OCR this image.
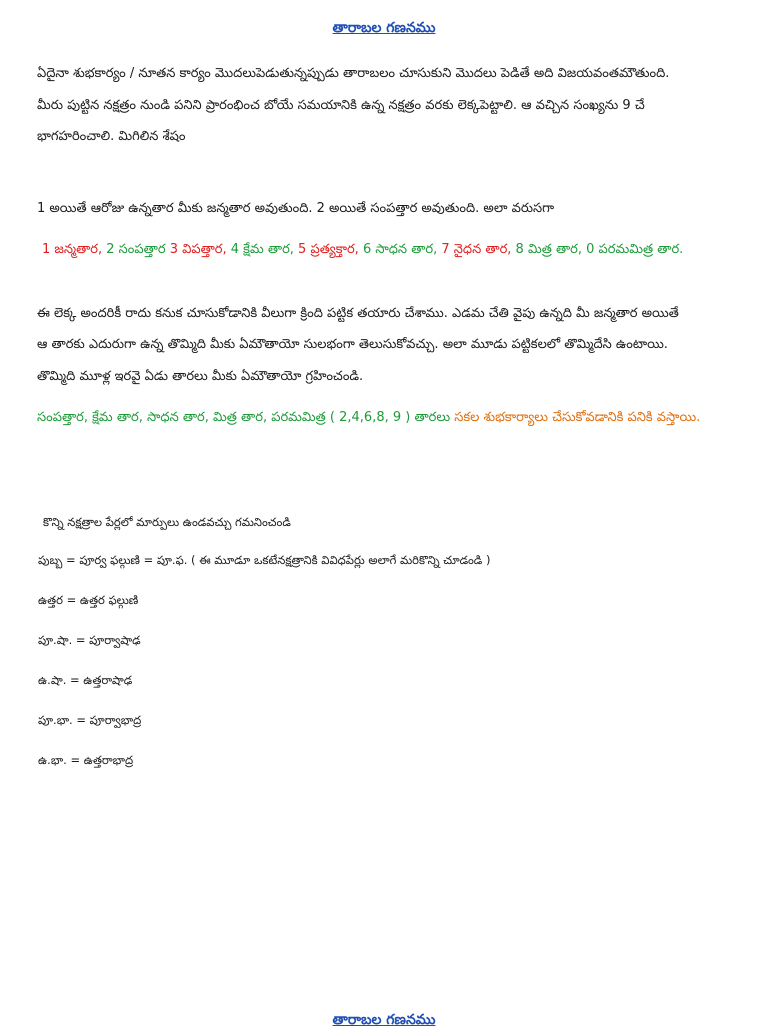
తారాబల గణనము
ఏదైనా శుభకార్యం / నూతన కార్యం మొదలుపెడుతున్నప్పుడు తారాబలం చూసుకుని మొదలు పెడితే అది విజయవంతమౌతుంది.
మీరు పుట్టిన నక్షత్రం నుండి పనిని ప్రారంభించ బోయే సమయానికి ఉన్న నక్షత్రం వరకు లెక్కపెట్టాలి. ఆ వచ్చిన సంఖ్యను 9 చే
భాగహరించాలి. మిగిలిన శేషం
1 అయితే ఆరోజు ఉన్నతార మీకు జన్మతార అవుతుంది. 2 అయితే సంపత్తార అవుతుంది. అలా వరుసగా
1 జన్మతార, 2 సంపత్తార 3 విపత్తార, 4 క్షేమ తార, 5 ప్రత్యక్తార, 6 సాధన తార, 7 నైధన తార, 8 మిత్ర తార, 0 పరమమిత్ర తార.
ఈ లెక్క అందరికీ రాదు కనుక చూసుకోడానికి వీలుగా క్రింది పట్టిక తయారు చేశాము. ఎడమ చేతి వైపు ఉన్నది మీ జన్మతార అయితే
ఆ తారకు ఎదురుగా ఉన్న తొమ్మిది మీకు ఏమౌతాయో సులభంగా తెలుసుకోవచ్చు. అలా మూడు పట్టికలలో తొమ్మిదేసి ఉంటాయి.
తొమ్మిది మూళ్ల ఇరవై ఏడు తారలు మీకు ఏమౌతాయో గ్రహించండి.
సంపత్తార, క్షేమ తార, సాధన తార, మిత్ర తార, పరమమిత్ర ( 2,4,6,8, 9 ) తారలు సకల శుభకార్యాలు చేసుకోవడానికి పనికి వస్తాయి.
కొన్ని నక్షత్రాల పేర్లలో మార్పులు ఉండవచ్చు గమనించండి
పుబ్బ = పూర్వ ఫల్గుణి = పూ.ఫ. ( ఈ మూడూ ఒకటేనక్షత్రానికి వివిధపేర్లు అలాగే మరికొన్ని చూడండి )
ఉత్తర = ఉత్తర ఫల్గుణి
పూ.షా. = పూర్వాషాఢ
ఉ.షా. = ఉత్తరాషాఢ
పూ.భా. = పూర్వాభాద్ర
ఉ.భా. = ఉత్తరాభాద్ర
తారాబల గణనము
